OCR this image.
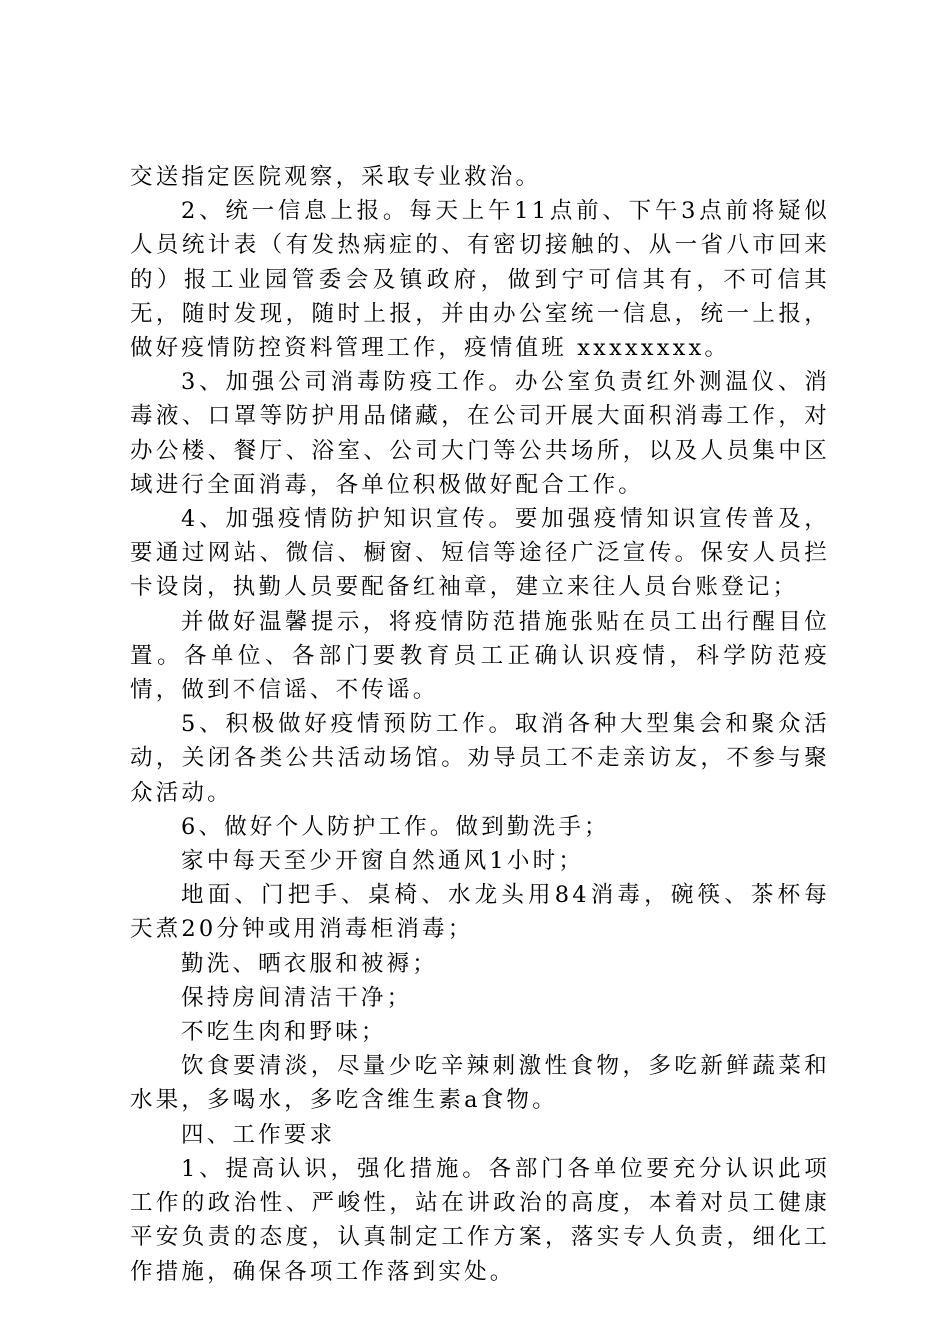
交送指定医院观察，采取专业救治。

2、统一信息上报。每天上午11点前、下午3点前将疑似人员统计表（有发热病症的、有密切接触的、从一省八市回来的）报工业园管委会及镇政府，做到宁可信其有，不可信其无，随时发现，随时上报，并由办公室统一信息，统一上报，做好疫情防控资料管理工作，疫情值班 xxxxxxxx。

3、加强公司消毒防疫工作。办公室负责红外测温仪、消毒液、口罩等防护用品储藏，在公司开展大面积消毒工作，对办公楼、餐厅、浴室、公司大门等公共场所，以及人员集中区域进行全面消毒，各单位积极做好配合工作。

4、加强疫情防护知识宣传。要加强疫情知识宣传普及，要通过网站、微信、橱窗、短信等途径广泛宣传。保安人员拦卡设岗，执勤人员要配备红袖章，建立来往人员台账登记；

并做好温馨提示，将疫情防范措施张贴在员工出行醒目位置。各单位、各部门要教育员工正确认识疫情，科学防范疫情，做到不信谣、不传谣。

5、积极做好疫情预防工作。取消各种大型集会和聚众活动，关闭各类公共活动场馆。劝导员工不走亲访友，不参与聚众活动。

6、做好个人防护工作。做到勤洗手；

家中每天至少开窗自然通风1小时；

地面、门把手、桌椅、水龙头用84消毒，碗筷、茶杯每天煮20分钟或用消毒柜消毒；

勤洗、晒衣服和被褥；

保持房间清洁干净；

不吃生肉和野味；

饮食要清淡，尽量少吃辛辣刺激性食物，多吃新鲜蔬菜和水果，多喝水，多吃含维生素a食物。

四、工作要求

1、提高认识，强化措施。各部门各单位要充分认识此项工作的政治性、严峻性，站在讲政治的高度，本着对员工健康平安负责的态度，认真制定工作方案，落实专人负责，细化工作措施，确保各项工作落到实处。
